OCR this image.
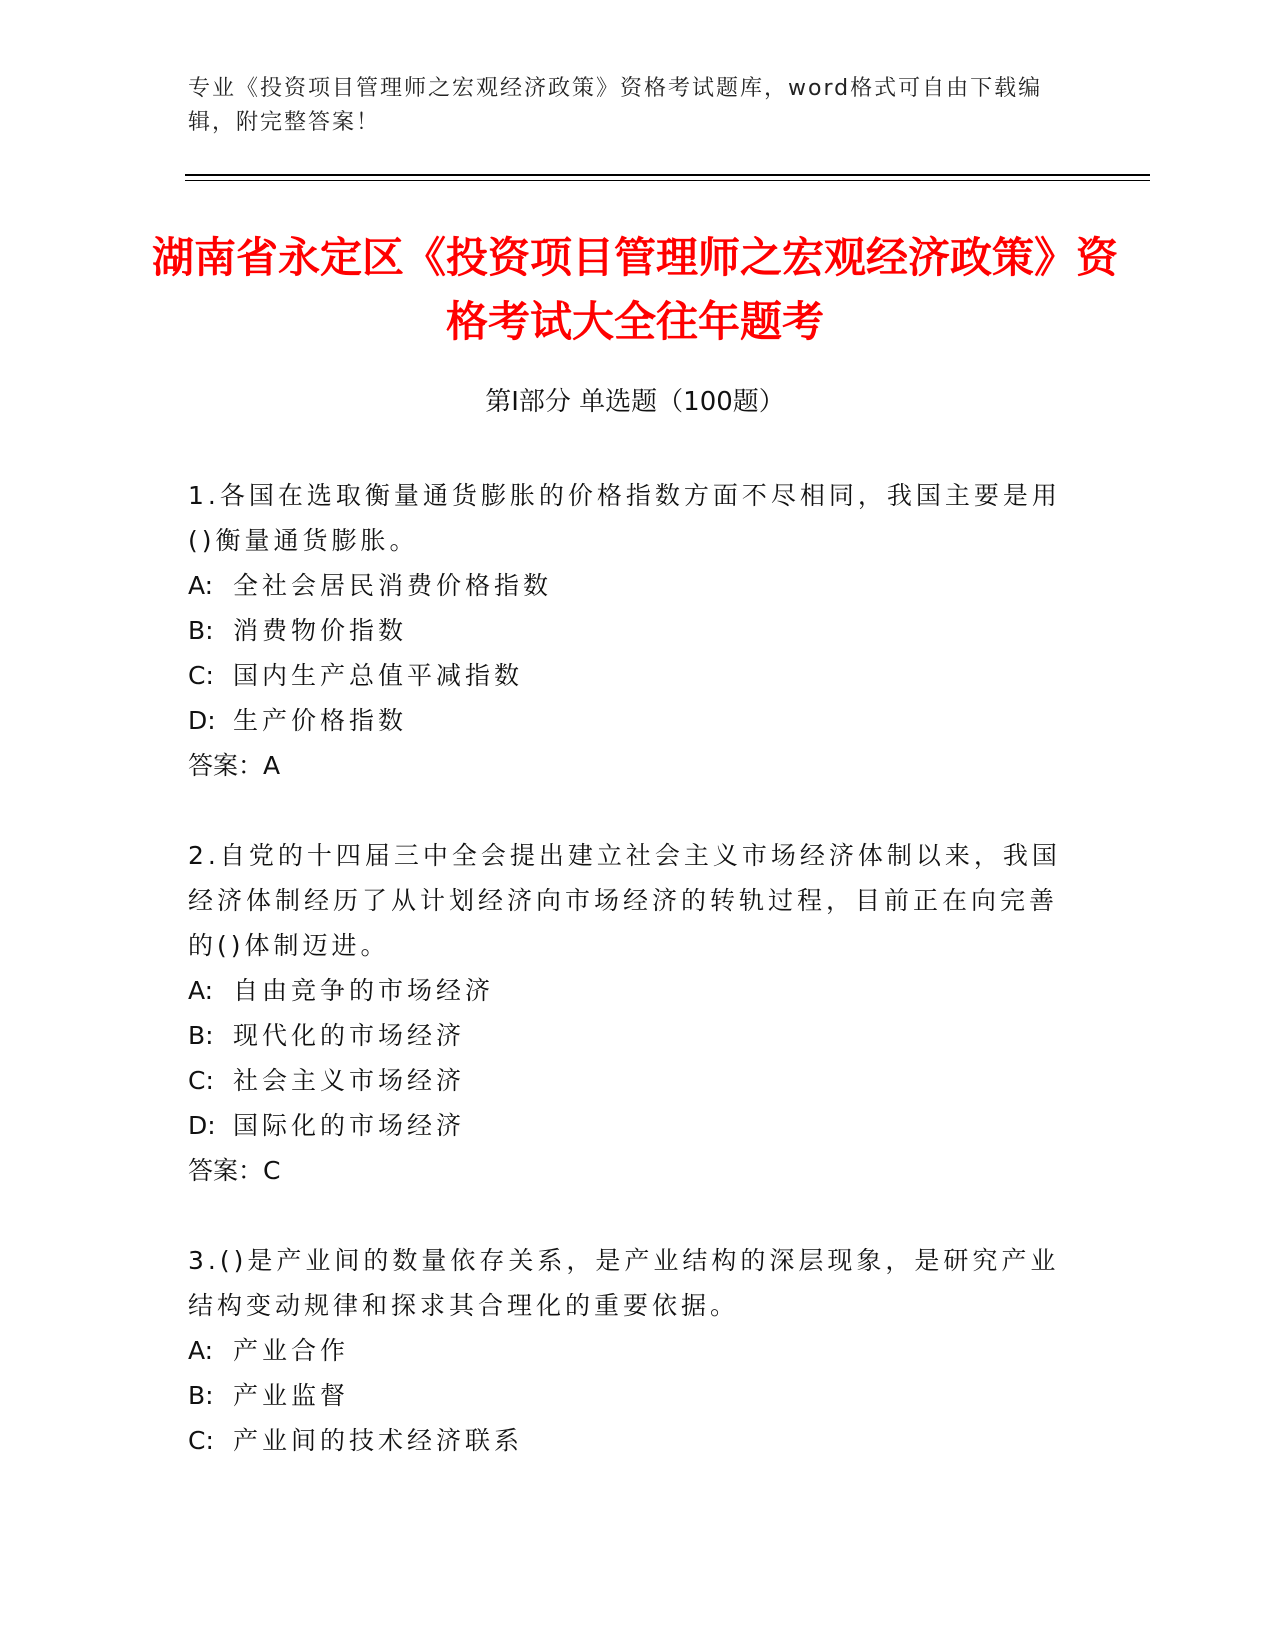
专业《投资项目管理师之宏观经济政策》资格考试题库，word格式可自由下载编辑，附完整答案！
湖南省永定区《投资项目管理师之宏观经济政策》资格考试大全往年题考
第Ⅰ部分 单选题（100题）

1.各国在选取衡量通货膨胀的价格指数方面不尽相同，我国主要是用()衡量通货膨胀。

A: 全社会居民消费价格指数
B: 消费物价指数
C: 国内生产总值平减指数
D: 生产价格指数

答案：A

2.自党的十四届三中全会提出建立社会主义市场经济体制以来，我国经济体制经历了从计划经济向市场经济的转轨过程，目前正在向完善的()体制迈进。

A: 自由竞争的市场经济
B: 现代化的市场经济
C: 社会主义市场经济
D: 国际化的市场经济

答案：C

3.()是产业间的数量依存关系，是产业结构的深层现象，是研究产业结构变动规律和探求其合理化的重要依据。

A: 产业合作
B: 产业监督
C: 产业间的技术经济联系
